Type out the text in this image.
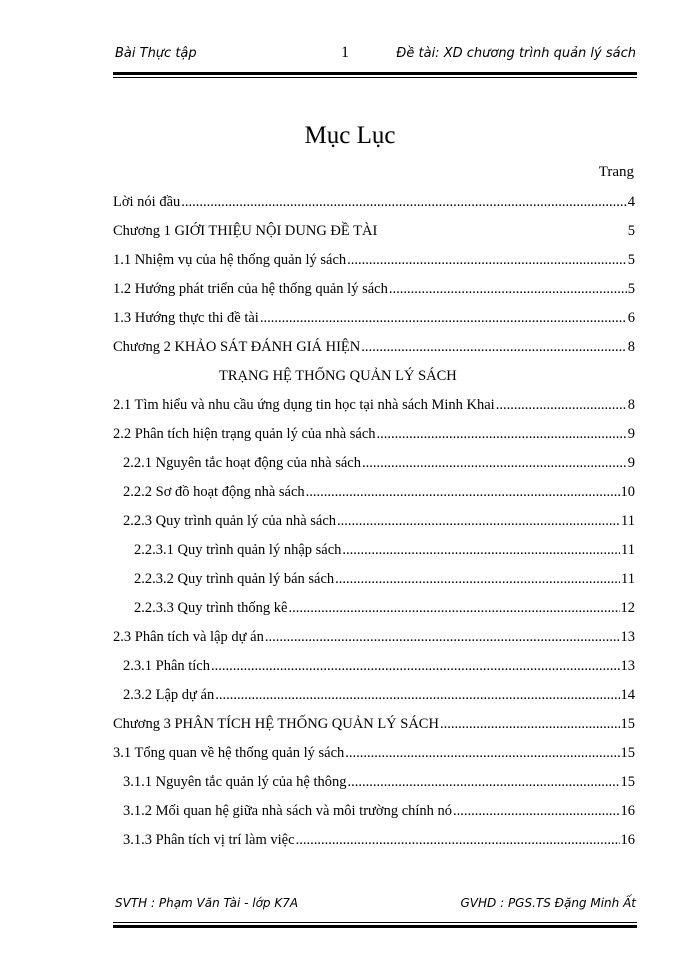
Bài Thực tập	1	Đề tài: XD chương trình quản lý sách
Mục Lục
Trang
Lời nói đầu .....	4
Chương 1 GIỚI THIỆU NỘI DUNG ĐỀ TÀI	5
1.1 Nhiệm vụ của hệ thống quản lý sách .....	5
1.2 Hướng phát triển của hệ thống quản lý sách .....	5
1.3 Hướng thực thi đề tài .....	6
Chương 2 KHẢO SÁT ĐÁNH GIÁ HIỆN .....	8
TRẠNG HỆ THỐNG QUẢN LÝ SÁCH
2.1 Tìm hiểu và nhu cầu ứng dụng tin học tại nhà sách Minh Khai .....	8
2.2 Phân tích hiện trạng quản lý của nhà sách .....	9
2.2.1 Nguyên tắc hoạt động của nhà sách .....	9
2.2.2 Sơ đồ hoạt động nhà sách .....	10
2.2.3 Quy trình quản lý của nhà sách .....	11
2.2.3.1 Quy trình quản lý nhập sách .....	11
2.2.3.2 Quy trình quản lý bán sách .....	11
2.2.3.3 Quy trình thống kê .....	12
2.3 Phân tích và lập dự án .....	13
2.3.1 Phân tích .....	13
2.3.2 Lập dự án .....	14
Chương 3 PHÂN TÍCH HỆ THỐNG QUẢN LÝ SÁCH .....	15
3.1 Tổng quan về hệ thống quản lý sách .....	15
3.1.1 Nguyên tắc quản lý của hệ thông .....	15
3.1.2 Mối quan hệ giữa nhà sách và môi trường chính nó .....	16
3.1.3 Phân tích vị trí làm việc .....	16
SVTH : Phạm Văn Tài - lớp K7A	GVHD : PGS.TS Đặng Minh Ất
